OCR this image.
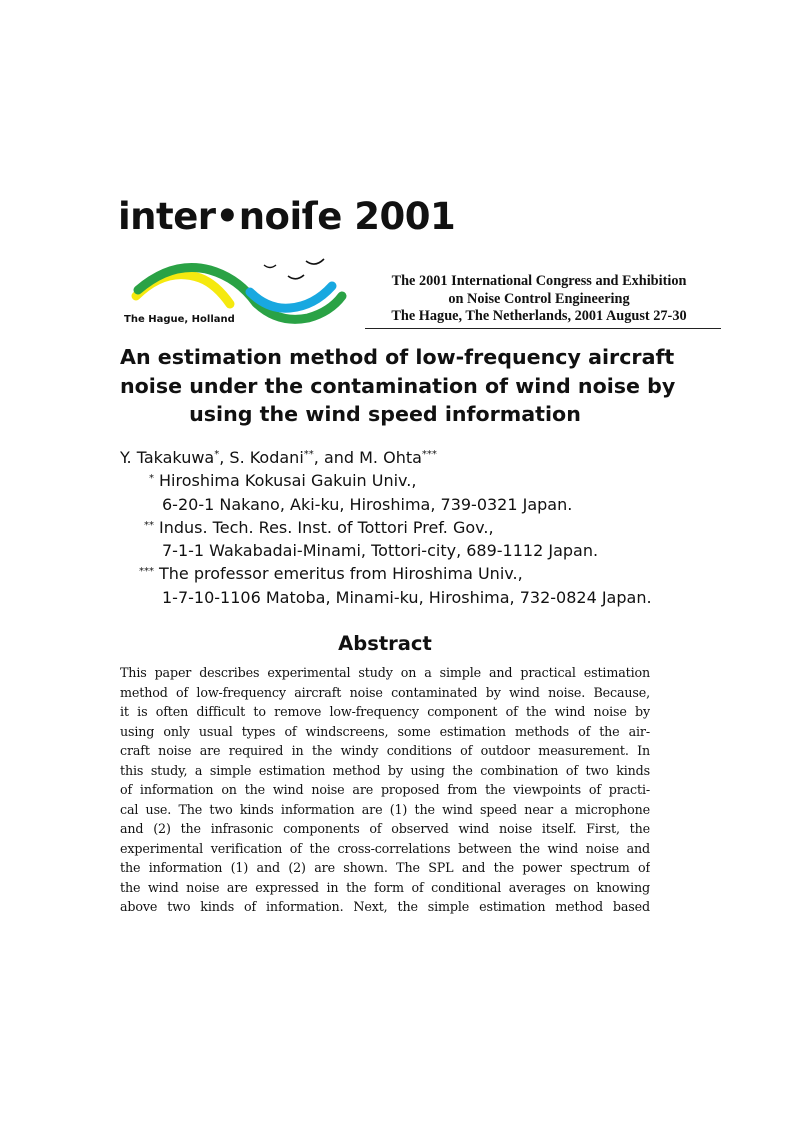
inter•noiſe 2001
The Hague, Holland
The 2001 International Congress and Exhibition
on Noise Control Engineering
The Hague, The Netherlands, 2001 August 27-30
An estimation method of low-frequency aircraft
noise under the contamination of wind noise by
using the wind speed information
Y. Takakuwa*, S. Kodani**, and M. Ohta***
* Hiroshima Kokusai Gakuin Univ.,
6-20-1 Nakano, Aki-ku, Hiroshima, 739-0321 Japan.
** Indus. Tech. Res. Inst. of Tottori Pref. Gov.,
7-1-1 Wakabadai-Minami, Tottori-city, 689-1112 Japan.
*** The professor emeritus from Hiroshima Univ.,
1-7-10-1106 Matoba, Minami-ku, Hiroshima, 732-0824 Japan.
Abstract
This paper describes experimental study on a simple and practical estimation
method of low-frequency aircraft noise contaminated by wind noise. Because,
it is often difficult to remove low-frequency component of the wind noise by
using only usual types of windscreens, some estimation methods of the air-
craft noise are required in the windy conditions of outdoor measurement. In
this study, a simple estimation method by using the combination of two kinds
of information on the wind noise are proposed from the viewpoints of practi-
cal use. The two kinds information are (1) the wind speed near a microphone
and (2) the infrasonic components of observed wind noise itself. First, the
experimental verification of the cross-correlations between the wind noise and
the information (1) and (2) are shown. The SPL and the power spectrum of
the wind noise are expressed in the form of conditional averages on knowing
above two kinds of information. Next, the simple estimation method based
